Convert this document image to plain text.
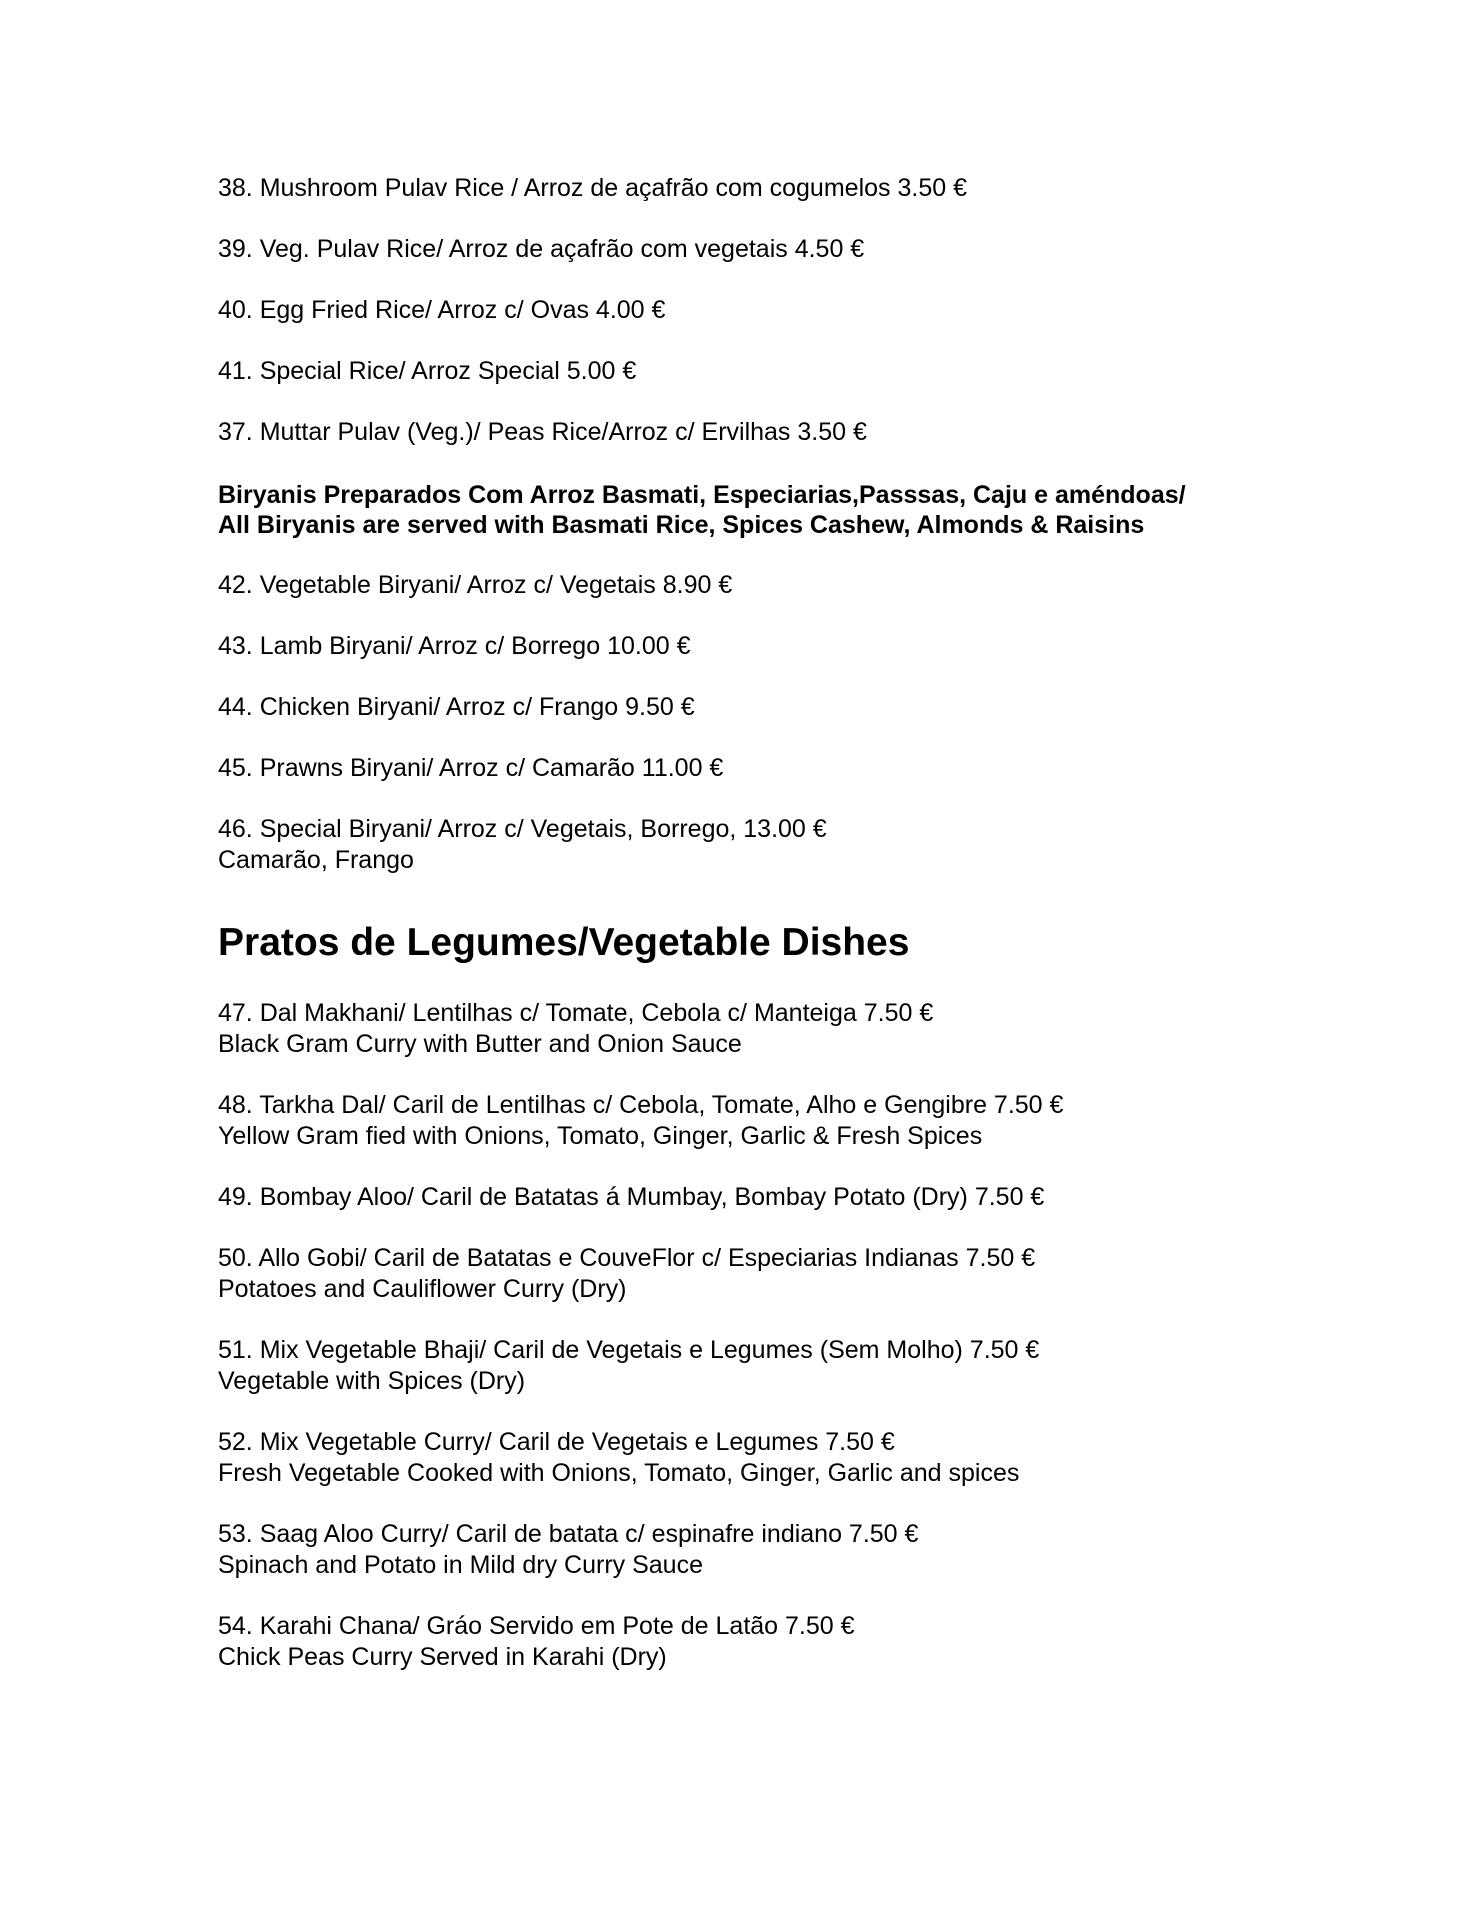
38. Mushroom Pulav Rice / Arroz de açafrão com cogumelos 3.50 €
39. Veg. Pulav Rice/ Arroz de açafrão com vegetais 4.50 €
40. Egg Fried Rice/ Arroz c/ Ovas 4.00 €
41. Special Rice/ Arroz Special 5.00 €
37. Muttar Pulav (Veg.)/ Peas Rice/Arroz c/ Ervilhas 3.50 €
Biryanis Preparados Com Arroz Basmati, Especiarias,Passsas, Caju e améndoas/
All Biryanis are served with Basmati Rice, Spices Cashew, Almonds & Raisins
42. Vegetable Biryani/ Arroz c/ Vegetais 8.90 €
43. Lamb Biryani/ Arroz c/ Borrego 10.00 €
44. Chicken Biryani/ Arroz c/ Frango 9.50 €
45. Prawns Biryani/ Arroz c/ Camarão 11.00 €
46. Special Biryani/ Arroz c/ Vegetais, Borrego, 13.00 €
Camarão, Frango
Pratos de Legumes/Vegetable Dishes
47. Dal Makhani/ Lentilhas c/ Tomate, Cebola c/ Manteiga 7.50 €
Black Gram Curry with Butter and Onion Sauce
48. Tarkha Dal/ Caril de Lentilhas c/ Cebola, Tomate, Alho e Gengibre 7.50 €
Yellow Gram fied with Onions, Tomato, Ginger, Garlic & Fresh Spices
49. Bombay Aloo/ Caril de Batatas á Mumbay, Bombay Potato (Dry) 7.50 €
50. Allo Gobi/ Caril de Batatas e CouveFlor c/ Especiarias Indianas 7.50 €
Potatoes and Cauliflower Curry (Dry)
51. Mix Vegetable Bhaji/ Caril de Vegetais e Legumes (Sem Molho) 7.50 €
Vegetable with Spices (Dry)
52. Mix Vegetable Curry/ Caril de Vegetais e Legumes 7.50 €
Fresh Vegetable Cooked with Onions, Tomato, Ginger, Garlic and spices
53. Saag Aloo Curry/ Caril de batata c/ espinafre indiano 7.50 €
Spinach and Potato in Mild dry Curry Sauce
54. Karahi Chana/ Gráo Servido em Pote de Latão 7.50 €
Chick Peas Curry Served in Karahi (Dry)
